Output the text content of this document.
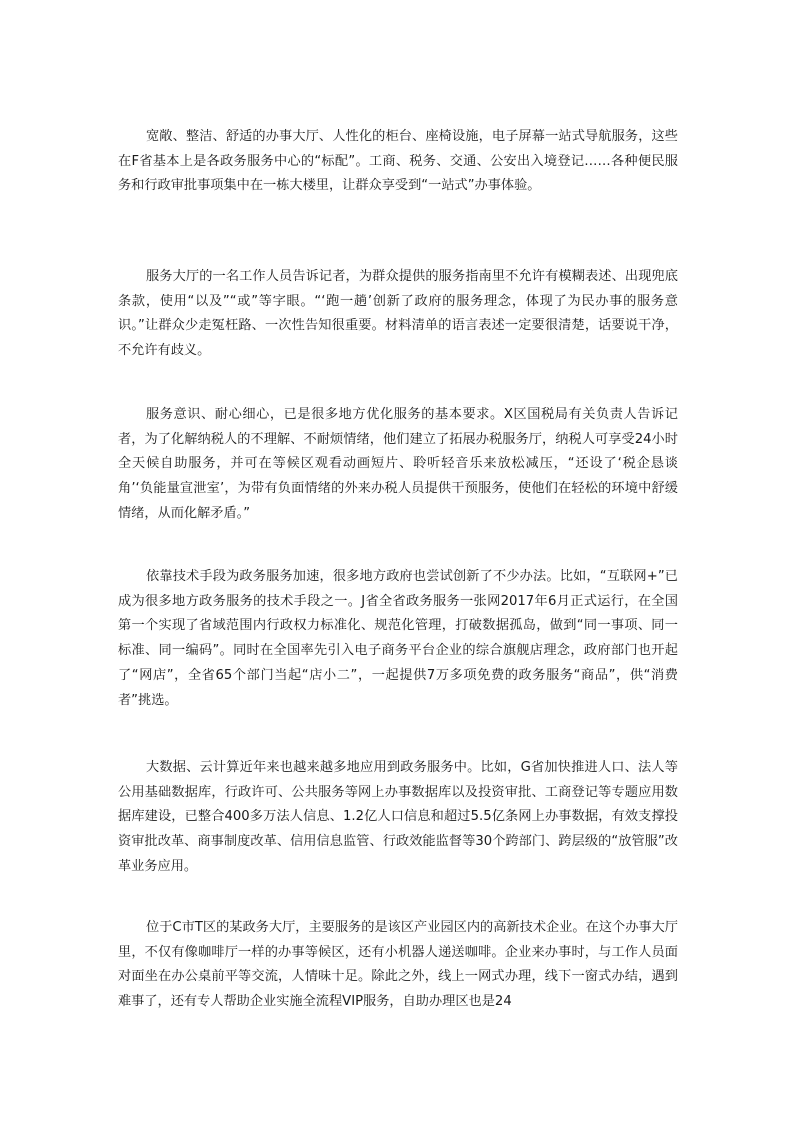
宽敞、整洁、舒适的办事大厅、人性化的柜台、座椅设施，电子屏幕一站式导航服务，这些在F省基本上是各政务服务中心的“标配”。工商、税务、交通、公安出入境登记……各种便民服务和行政审批事项集中在一栋大楼里，让群众享受到“一站式”办事体验。

服务大厅的一名工作人员告诉记者，为群众提供的服务指南里不允许有模糊表述、出现兜底条款，使用“以及”“或”等字眼。“‘跑一趟’创新了政府的服务理念，体现了为民办事的服务意识。”让群众少走冤枉路、一次性告知很重要。材料清单的语言表述一定要很清楚，话要说干净，不允许有歧义。

服务意识、耐心细心，已是很多地方优化服务的基本要求。X区国税局有关负责人告诉记者，为了化解纳税人的不理解、不耐烦情绪，他们建立了拓展办税服务厅，纳税人可享受24小时全天候自助服务，并可在等候区观看动画短片、聆听轻音乐来放松减压，“还设了‘税企恳谈角’‘负能量宣泄室’，为带有负面情绪的外来办税人员提供干预服务，使他们在轻松的环境中舒缓情绪，从而化解矛盾。”

依靠技术手段为政务服务加速，很多地方政府也尝试创新了不少办法。比如，“互联网+”已成为很多地方政务服务的技术手段之一。J省全省政务服务一张网2017年6月正式运行，在全国第一个实现了省域范围内行政权力标准化、规范化管理，打破数据孤岛，做到“同一事项、同一标准、同一编码”。同时在全国率先引入电子商务平台企业的综合旗舰店理念，政府部门也开起了“网店”，全省65个部门当起“店小二”，一起提供7万多项免费的政务服务“商品”，供“消费者”挑选。

大数据、云计算近年来也越来越多地应用到政务服务中。比如，G省加快推进人口、法人等公用基础数据库，行政许可、公共服务等网上办事数据库以及投资审批、工商登记等专题应用数据库建设，已整合400多万法人信息、1.2亿人口信息和超过5.5亿条网上办事数据，有效支撑投资审批改革、商事制度改革、信用信息监管、行政效能监督等30个跨部门、跨层级的“放管服”改革业务应用。

位于C市T区的某政务大厅，主要服务的是该区产业园区内的高新技术企业。在这个办事大厅里，不仅有像咖啡厅一样的办事等候区，还有小机器人递送咖啡。企业来办事时，与工作人员面对面坐在办公桌前平等交流，人情味十足。除此之外，线上一网式办理，线下一窗式办结，遇到难事了，还有专人帮助企业实施全流程VIP服务，自助办理区也是24
